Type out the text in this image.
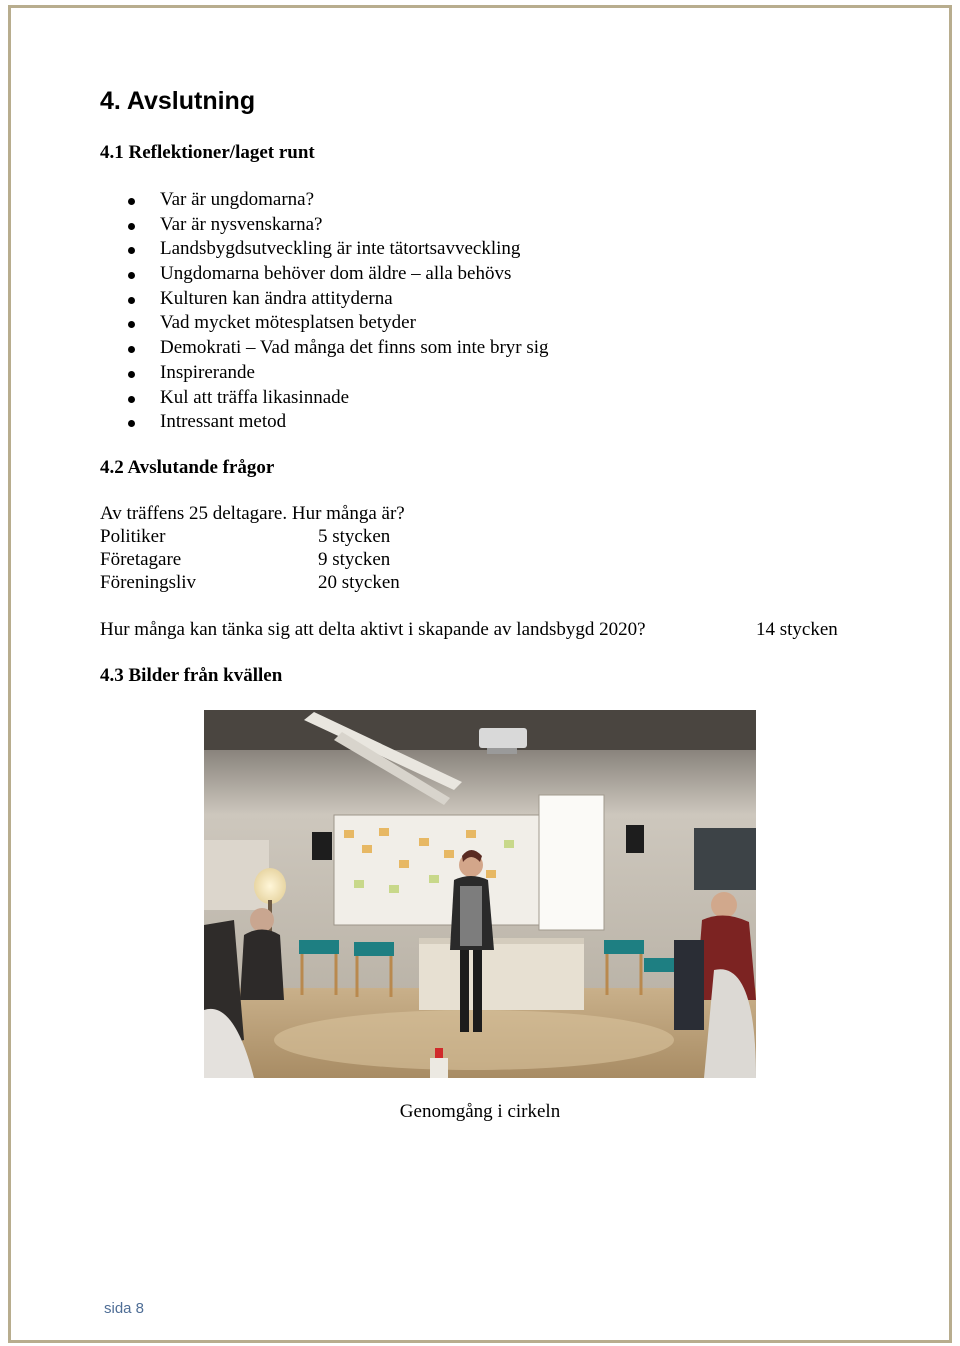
4. Avslutning
4.1 Reflektioner/laget runt
Var är ungdomarna?
Var är nysvenskarna?
Landsbygdsutveckling är inte tätortsavveckling
Ungdomarna behöver dom äldre – alla behövs
Kulturen kan ändra attityderna
Vad mycket mötesplatsen betyder
Demokrati – Vad många det finns som inte bryr sig
Inspirerande
Kul att träffa likasinnade
Intressant metod
4.2 Avslutande frågor
Av träffens 25 deltagare. Hur många är?
Politiker	5 stycken
Företagare	9 stycken
Föreningsliv	20 stycken
Hur många kan tänka sig att delta aktivt i skapande av landsbygd 2020?	14 stycken
4.3 Bilder från kvällen
Genomgång i cirkeln
sida 8
